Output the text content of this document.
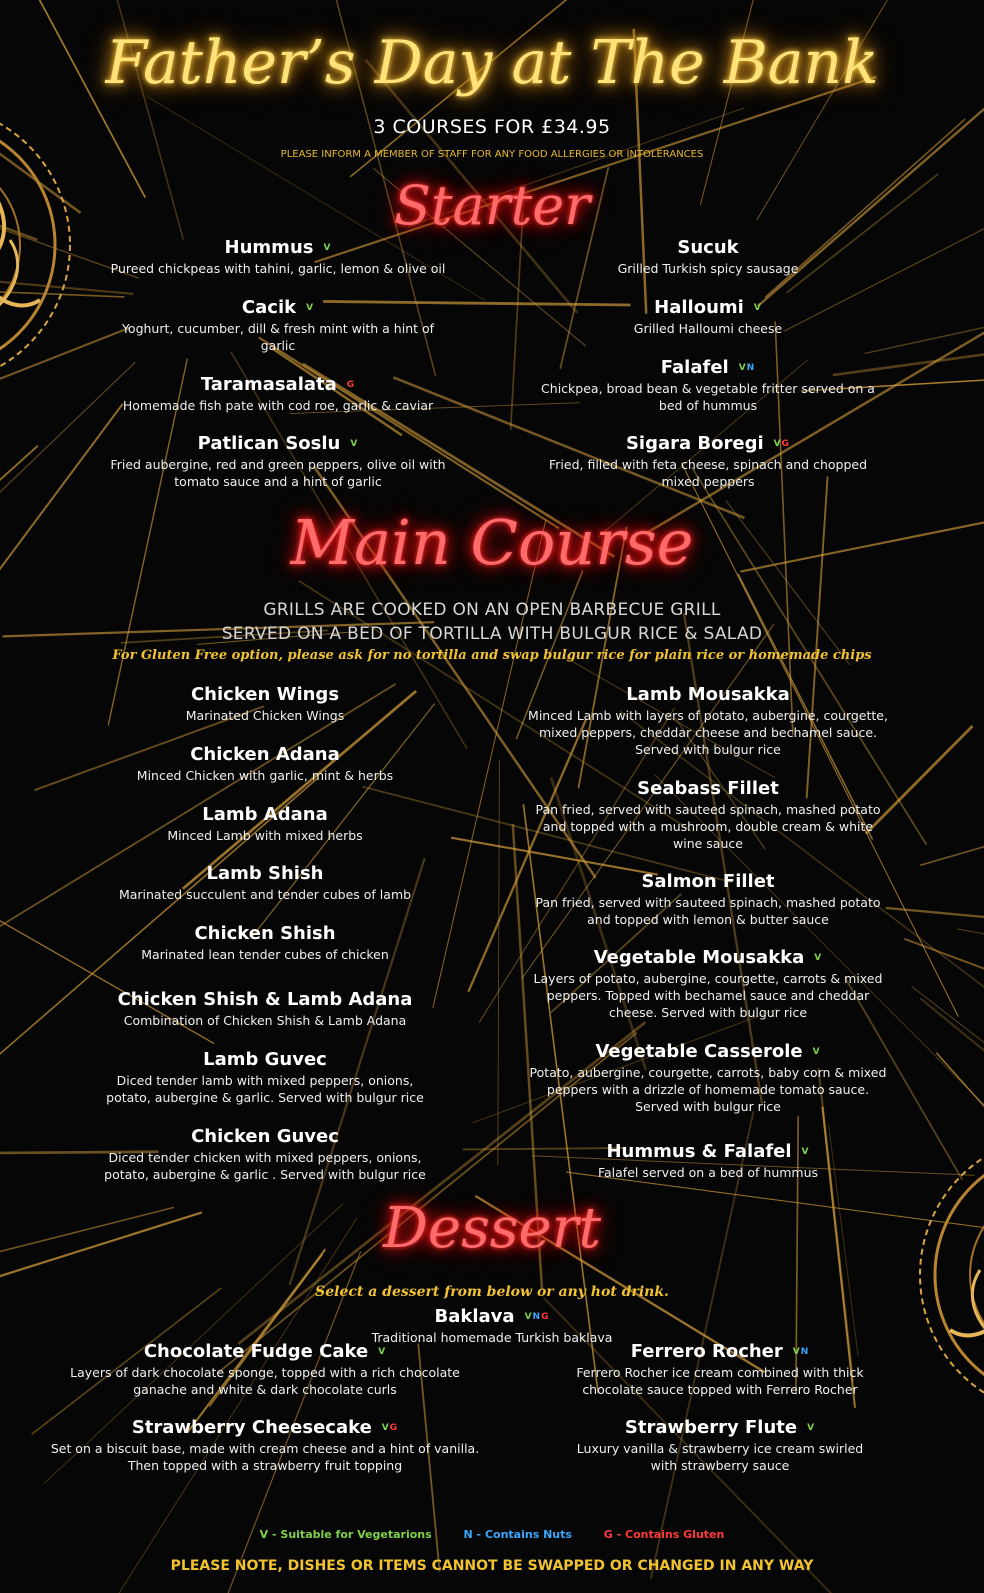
Father’s Day at The Bank
3 COURSES FOR £34.95
PLEASE INFORM A MEMBER OF STAFF FOR ANY FOOD ALLERGIES OR INTOLERANCES
Starter
Main Course
GRILLS ARE COOKED ON AN OPEN BARBECUE GRILL
SERVED ON A BED OF TORTILLA WITH BULGUR RICE & SALAD
For Gluten Free option, please ask for no tortilla and swap bulgur rice for plain rice or homemade chips
Dessert
Select a dessert from below or any hot drink.
V - Suitable for Vegetarions	N - Contains Nuts	G - Contains Gluten
PLEASE NOTE, DISHES OR ITEMS CANNOT BE SWAPPED OR CHANGED IN ANY WAY
Hummus V
Pureed chickpeas with tahini, garlic, lemon & olive oil
Cacik V
Yoghurt, cucumber, dill & fresh mint with a hint of
garlic
Taramasalata G
Homemade fish pate with cod roe, garlic & caviar
Patlican Soslu V
Fried aubergine, red and green peppers, olive oil with
tomato sauce and a hint of garlic
Sucuk
Grilled Turkish spicy sausage
Halloumi V
Grilled Halloumi cheese
Falafel VN
Chickpea, broad bean & vegetable fritter served on a
bed of hummus
Sigara Boregi VG
Fried, filled with feta cheese, spinach and chopped
mixed peppers
Chicken Wings
Marinated Chicken Wings
Chicken Adana
Minced Chicken with garlic, mint & herbs
Lamb Adana
Minced Lamb with mixed herbs
Lamb Shish
Marinated succulent and tender cubes of lamb
Chicken Shish
Marinated lean tender cubes of chicken
Chicken Shish & Lamb Adana
Combination of Chicken Shish & Lamb Adana
Lamb Guvec
Diced tender lamb with mixed peppers, onions,
potato, aubergine & garlic. Served with bulgur rice
Chicken Guvec
Diced tender chicken with mixed peppers, onions,
potato, aubergine & garlic . Served with bulgur rice
Lamb Mousakka
Minced Lamb with layers of potato, aubergine, courgette,
mixed peppers, cheddar cheese and bechamel sauce.
Served with bulgur rice
Seabass Fillet
Pan fried, served with sauteed spinach, mashed potato
and topped with a mushroom, double cream & white
wine sauce
Salmon Fillet
Pan fried, served with sauteed spinach, mashed potato
and topped with lemon & butter sauce
Vegetable Mousakka V
Layers of potato, aubergine, courgette, carrots & mixed
peppers. Topped with bechamel sauce and cheddar
cheese. Served with bulgur rice
Vegetable Casserole V
Potato, aubergine, courgette, carrots, baby corn & mixed
peppers with a drizzle of homemade tomato sauce.
Served with bulgur rice
Hummus & Falafel V
Falafel served on a bed of hummus
Baklava VNG
Traditional homemade Turkish baklava
Chocolate Fudge Cake V
Layers of dark chocolate sponge, topped with a rich chocolate
ganache and white & dark chocolate curls
Strawberry Cheesecake VG
Set on a biscuit base, made with cream cheese and a hint of vanilla.
Then topped with a strawberry fruit topping
Ferrero Rocher VN
Ferrero Rocher ice cream combined with thick
chocolate sauce topped with Ferrero Rocher
Strawberry Flute V
Luxury vanilla & strawberry ice cream swirled
with strawberry sauce
